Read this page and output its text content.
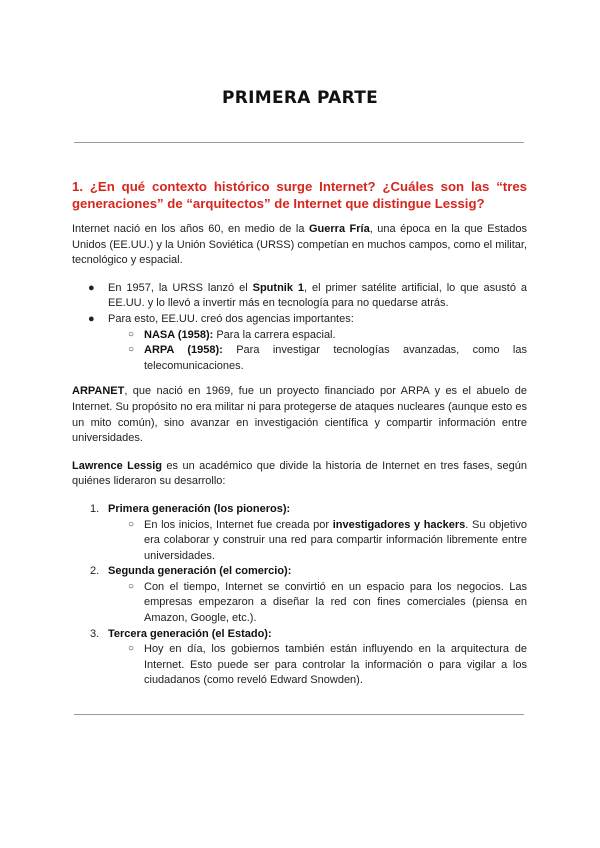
PRIMERA PARTE
1. ¿En qué contexto histórico surge Internet? ¿Cuáles son las “tres generaciones” de “arquitectos” de Internet que distingue Lessig?

Internet nació en los años 60, en medio de la Guerra Fría, una época en la que Estados Unidos (EE.UU.) y la Unión Soviética (URSS) competían en muchos campos, como el militar, tecnológico y espacial.

● En 1957, la URSS lanzó el Sputnik 1, el primer satélite artificial, lo que asustó a EE.UU. y lo llevó a invertir más en tecnología para no quedarse atrás.
● Para esto, EE.UU. creó dos agencias importantes:
○ NASA (1958): Para la carrera espacial.
○ ARPA (1958): Para investigar tecnologías avanzadas, como las telecomunicaciones.

ARPANET, que nació en 1969, fue un proyecto financiado por ARPA y es el abuelo de Internet. Su propósito no era militar ni para protegerse de ataques nucleares (aunque esto es un mito común), sino avanzar en investigación científica y compartir información entre universidades.

Lawrence Lessig es un académico que divide la historia de Internet en tres fases, según quiénes lideraron su desarrollo:

1. Primera generación (los pioneros):
○ En los inicios, Internet fue creada por investigadores y hackers. Su objetivo era colaborar y construir una red para compartir información libremente entre universidades.
2. Segunda generación (el comercio):
○ Con el tiempo, Internet se convirtió en un espacio para los negocios. Las empresas empezaron a diseñar la red con fines comerciales (piensa en Amazon, Google, etc.).
3. Tercera generación (el Estado):
○ Hoy en día, los gobiernos también están influyendo en la arquitectura de Internet. Esto puede ser para controlar la información o para vigilar a los ciudadanos (como reveló Edward Snowden).
